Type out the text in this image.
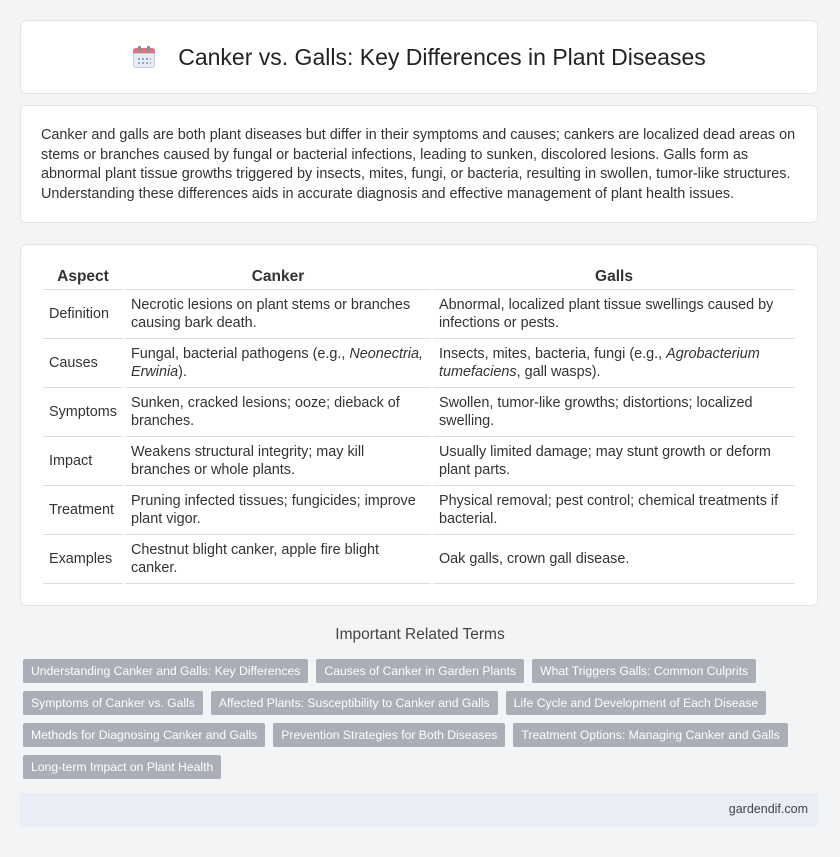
Canker vs. Galls: Key Differences in Plant Diseases

Canker and galls are both plant diseases but differ in their symptoms and causes; cankers are localized dead areas on stems or branches caused by fungal or bacterial infections, leading to sunken, discolored lesions. Galls form as abnormal plant tissue growths triggered by insects, mites, fungi, or bacteria, resulting in swollen, tumor-like structures. Understanding these differences aids in accurate diagnosis and effective management of plant health issues.

Aspect	Canker	Galls
Definition	Necrotic lesions on plant stems or branches causing bark death.	Abnormal, localized plant tissue swellings caused by infections or pests.
Causes	Fungal, bacterial pathogens (e.g., Neonectria, Erwinia).	Insects, mites, bacteria, fungi (e.g., Agrobacterium tumefaciens, gall wasps).
Symptoms	Sunken, cracked lesions; ooze; dieback of branches.	Swollen, tumor-like growths; distortions; localized swelling.
Impact	Weakens structural integrity; may kill branches or whole plants.	Usually limited damage; may stunt growth or deform plant parts.
Treatment	Pruning infected tissues; fungicides; improve plant vigor.	Physical removal; pest control; chemical treatments if bacterial.
Examples	Chestnut blight canker, apple fire blight canker.	Oak galls, crown gall disease.
Important Related Terms
Understanding Canker and Galls: Key Differences	Causes of Canker in Garden Plants	What Triggers Galls: Common Culprits
Symptoms of Canker vs. Galls	Affected Plants: Susceptibility to Canker and Galls	Life Cycle and Development of Each Disease
Methods for Diagnosing Canker and Galls	Prevention Strategies for Both Diseases	Treatment Options: Managing Canker and Galls
Long-term Impact on Plant Health
gardendif.com
